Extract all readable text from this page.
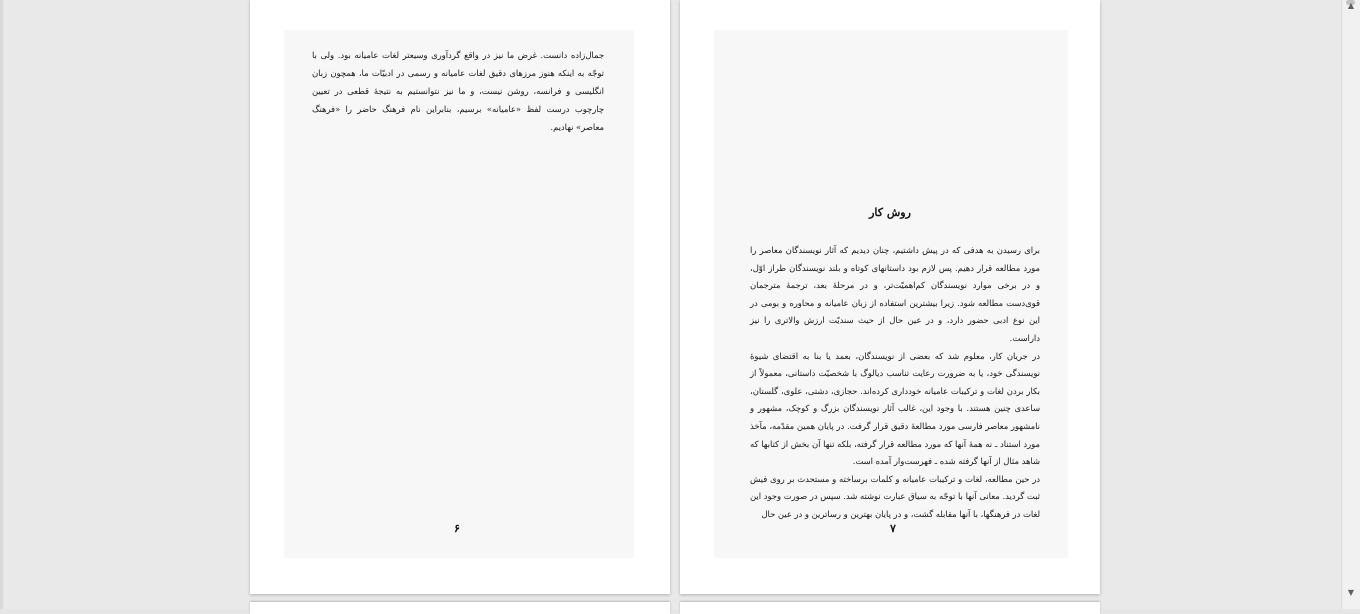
جمال‌زاده دانست. غرض ما نیز در واقع گردآوری وسیعتر لغات عامیانه بود. ولی با توجّه به اینکه هنوز مرزهای دقیق لغات عامیانه و رسمی در ادبیّات ما، همچون زبان انگلیسی و فرانسه، روشن نیست، و ما نیز نتوانستیم به نتیجهٔ قطعی در تعیین چارچوب درست لفظ «عامیانه» برسیم، بنابراین نام فرهنگ حاضر را «فرهنگ معاصر» نهادیم.

۶
روش کار

برای رسیدن به هدفی که در پیش داشتیم، چنان دیدیم که آثار نویسندگان معاصر را مورد مطالعه قرار دهیم. پس لازم بود داستانهای کوتاه و بلند نویسندگان طراز اوّل، و در برخی موارد نویسندگان کم‌اهمیّت‌تر، و در مرحلهٔ بعد، ترجمهٔ مترجمان قوی‌دست مطالعه شود. زیرا بیشترین استفاده از زبان عامیانه و محاوره و بومی در این نوع ادبی حضور دارد، و در عین حال از حیث سندیّت ارزش والاتری را نیز داراست.

در جریان کار، معلوم شد که بعضی از نویسندگان، بعمد یا بنا به اقتضای شیوهٔ نویسندگی خود، یا به ضرورت رعایت تناسب دیالوگ با شخصیّت داستانی، معمولاً از بکار بردن لغات و ترکیبات عامیانه خودداری کرده‌اند. حجازی، دشتی، علوی، گلستان، ساعدی چنین هستند. با وجود این، غالب آثار نویسندگان بزرگ و کوچک، مشهور و نامشهور معاصر فارسی مورد مطالعهٔ دقیق قرار گرفت. در پایان همین مقدّمه، مآخذ مورد استناد ـ نه همهٔ آنها که مورد مطالعه قرار گرفته، بلکه تنها آن بخش از کتابها که شاهد مثال از آنها گرفته شده ـ فهرست‌وار آمده است.

در حین مطالعه، لغات و ترکیبات عامیانه و کلمات برساخته و مستحدث بر روی فیش ثبت گردید. معانی آنها با توجّه به سیاق عبارت نوشته شد. سپس در صورت وجود این لغات در فرهنگها، با آنها مقابله گشت، و در پایان بهترین و رساترین و در عین حال

۷
▲
▼
